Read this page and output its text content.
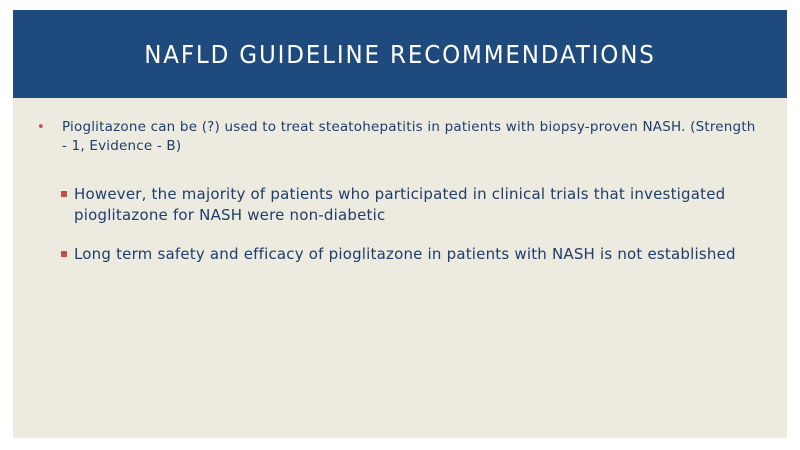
NAFLD GUIDELINE RECOMMENDATIONS
•	Pioglitazone can be (?) used to treat steatohepatitis in patients with biopsy-proven NASH. (Strength - 1, Evidence - B)
However, the majority of patients who participated in clinical trials that investigated pioglitazone for NASH were non-diabetic
Long term safety and efficacy of pioglitazone in patients with NASH is not established
